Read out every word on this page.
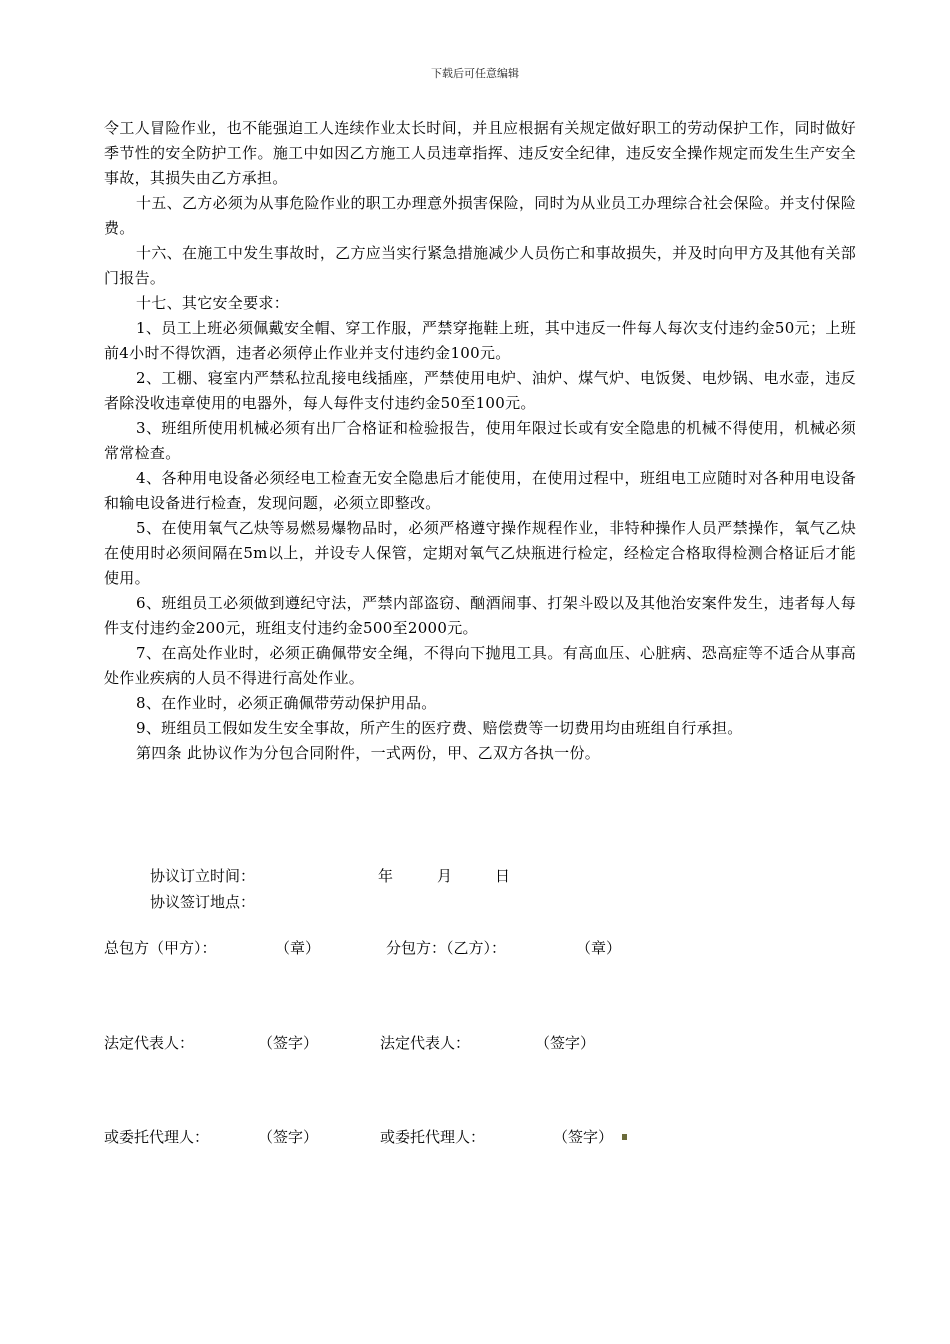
下载后可任意编辑

令工人冒险作业，也不能强迫工人连续作业太长时间，并且应根据有关规定做好职工的劳动保护工作，同时做好季节性的安全防护工作。施工中如因乙方施工人员违章指挥、违反安全纪律，违反安全操作规定而发生生产安全事故，其损失由乙方承担。

十五、乙方必须为从事危险作业的职工办理意外损害保险，同时为从业员工办理综合社会保险。并支付保险费。

十六、在施工中发生事故时，乙方应当实行紧急措施减少人员伤亡和事故损失，并及时向甲方及其他有关部门报告。

十七、其它安全要求：

1、员工上班必须佩戴安全帽、穿工作服，严禁穿拖鞋上班，其中违反一件每人每次支付违约金50元；上班前4小时不得饮酒，违者必须停止作业并支付违约金100元。

2、工棚、寝室内严禁私拉乱接电线插座，严禁使用电炉、油炉、煤气炉、电饭煲、电炒锅、电水壶，违反者除没收违章使用的电器外，每人每件支付违约金50至100元。

3、班组所使用机械必须有出厂合格证和检验报告，使用年限过长或有安全隐患的机械不得使用，机械必须常常检查。

4、各种用电设备必须经电工检查无安全隐患后才能使用，在使用过程中，班组电工应随时对各种用电设备和输电设备进行检查，发现问题，必须立即整改。

5、在使用氧气乙炔等易燃易爆物品时，必须严格遵守操作规程作业，非特种操作人员严禁操作，氧气乙炔在使用时必须间隔在5m以上，并设专人保管，定期对氧气乙炔瓶进行检定，经检定合格取得检测合格证后才能使用。

6、班组员工必须做到遵纪守法，严禁内部盗窃、酗酒闹事、打架斗殴以及其他治安案件发生，违者每人每件支付违约金200元，班组支付违约金500至2000元。

7、在高处作业时，必须正确佩带安全绳，不得向下抛甩工具。有高血压、心脏病、恐高症等不适合从事高处作业疾病的人员不得进行高处作业。

8、在作业时，必须正确佩带劳动保护用品。

9、班组员工假如发生安全事故，所产生的医疗费、赔偿费等一切费用均由班组自行承担。

第四条 此协议作为分包合同附件，一式两份，甲、乙双方各执一份。

协议订立时间：	年	月	日
协议签订地点：
总包方（甲方）：	（章）	分包方：（乙方）：	（章）
法定代表人：	（签字）	法定代表人：	（签字）
或委托代理人：	（签字）	或委托代理人：	（签字）
